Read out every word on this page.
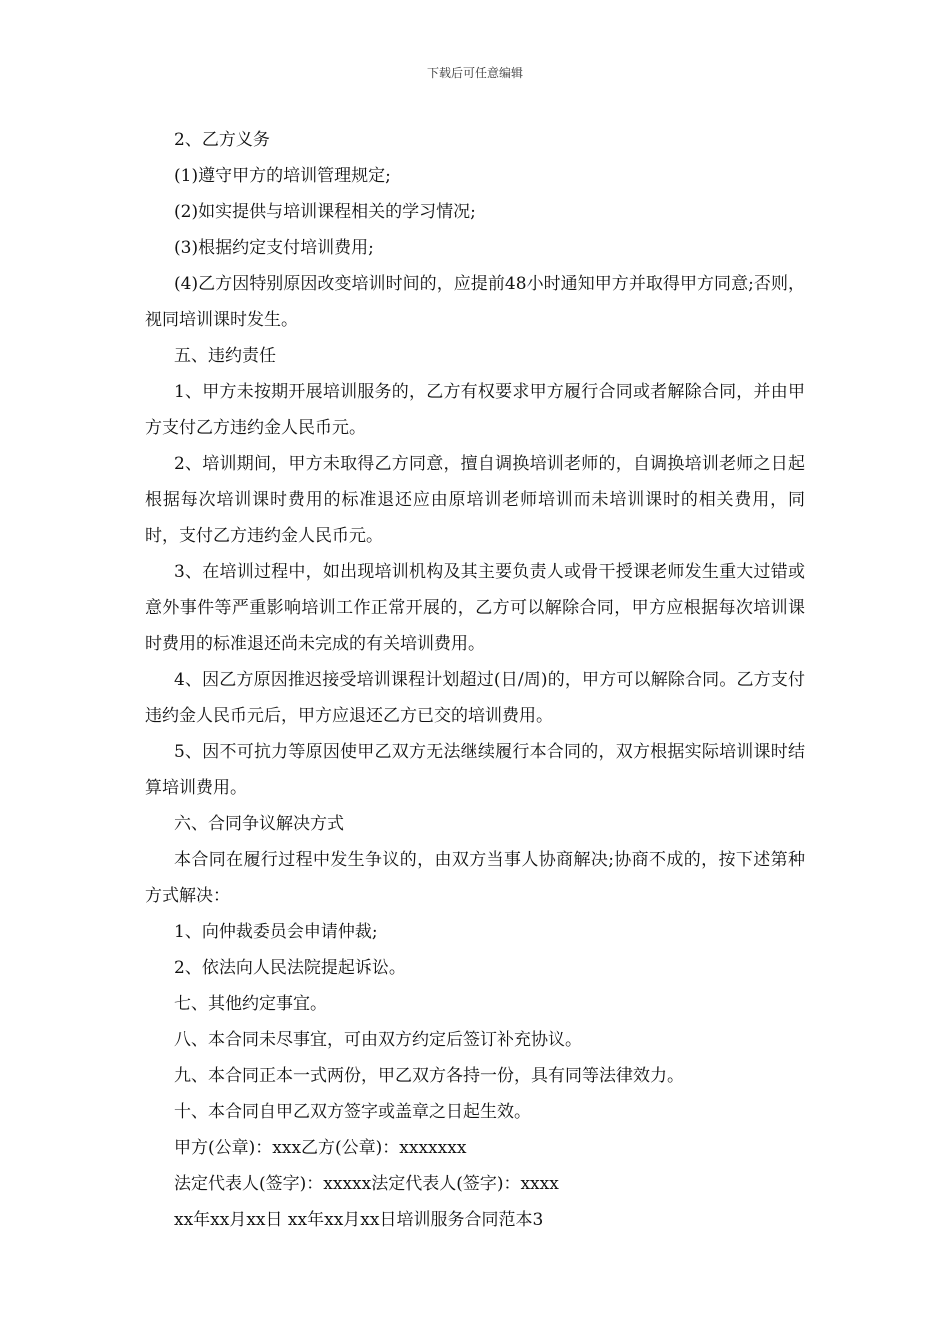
下载后可任意编辑

2、乙方义务

(1)遵守甲方的培训管理规定;

(2)如实提供与培训课程相关的学习情况;

(3)根据约定支付培训费用;

(4)乙方因特别原因改变培训时间的，应提前48小时通知甲方并取得甲方同意;否则，视同培训课时发生。

五、违约责任

1、甲方未按期开展培训服务的，乙方有权要求甲方履行合同或者解除合同，并由甲方支付乙方违约金人民币元。

2、培训期间，甲方未取得乙方同意，擅自调换培训老师的，自调换培训老师之日起根据每次培训课时费用的标准退还应由原培训老师培训而未培训课时的相关费用，同时，支付乙方违约金人民币元。

3、在培训过程中，如出现培训机构及其主要负责人或骨干授课老师发生重大过错或意外事件等严重影响培训工作正常开展的，乙方可以解除合同，甲方应根据每次培训课时费用的标准退还尚未完成的有关培训费用。

4、因乙方原因推迟接受培训课程计划超过(日/周)的，甲方可以解除合同。乙方支付违约金人民币元后，甲方应退还乙方已交的培训费用。

5、因不可抗力等原因使甲乙双方无法继续履行本合同的，双方根据实际培训课时结算培训费用。

六、合同争议解决方式

本合同在履行过程中发生争议的，由双方当事人协商解决;协商不成的，按下述第种方式解决：

1、向仲裁委员会申请仲裁;

2、依法向人民法院提起诉讼。

七、其他约定事宜。

八、本合同未尽事宜，可由双方约定后签订补充协议。

九、本合同正本一式两份，甲乙双方各持一份，具有同等法律效力。

十、本合同自甲乙双方签字或盖章之日起生效。

甲方(公章)：xxx乙方(公章)：xxxxxxx

法定代表人(签字)：xxxxx法定代表人(签字)：xxxx

xx年xx月xx日 xx年xx月xx日培训服务合同范本3
